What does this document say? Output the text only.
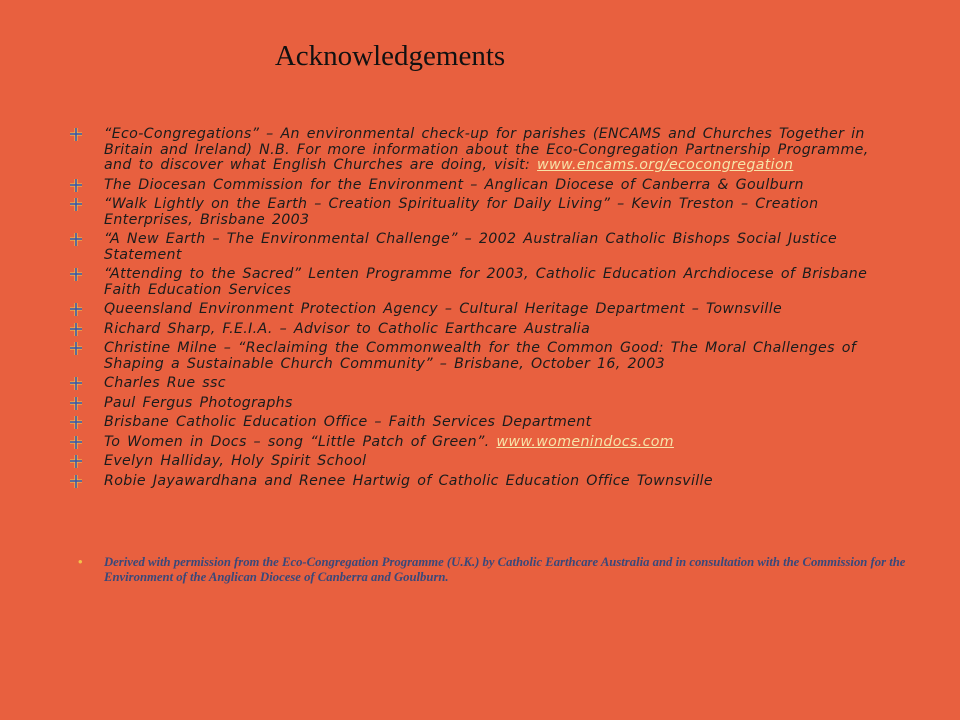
Acknowledgements
“Eco-Congregations” – An environmental check-up for parishes (ENCAMS and Churches Together in Britain and Ireland) N.B. For more information about the Eco-Congregation Partnership Programme, and to discover what English Churches are doing, visit: www.encams.org/ecocongregation
The Diocesan Commission for the Environment – Anglican Diocese of Canberra & Goulburn
“Walk Lightly on the Earth – Creation Spirituality for Daily Living” – Kevin Treston – Creation Enterprises, Brisbane 2003
“A New Earth – The Environmental Challenge” – 2002 Australian Catholic Bishops Social Justice Statement
“Attending to the Sacred” Lenten Programme for 2003, Catholic Education Archdiocese of Brisbane Faith Education Services
Queensland Environment Protection Agency – Cultural Heritage Department – Townsville
Richard Sharp, F.E.I.A. – Advisor to Catholic Earthcare Australia
Christine Milne – “Reclaiming the Commonwealth for the Common Good: The Moral Challenges of Shaping a Sustainable Church Community” – Brisbane, October 16, 2003
Charles Rue ssc
Paul Fergus Photographs
Brisbane Catholic Education Office – Faith Services Department
To Women in Docs – song “Little Patch of Green”. www.womenindocs.com
Evelyn Halliday, Holy Spirit School
Robie Jayawardhana and Renee Hartwig of Catholic Education Office Townsville
• Derived with permission from the Eco-Congregation Programme (U.K.) by Catholic Earthcare Australia and in consultation with the Commission for the Environment of the Anglican Diocese of Canberra and Goulburn.
